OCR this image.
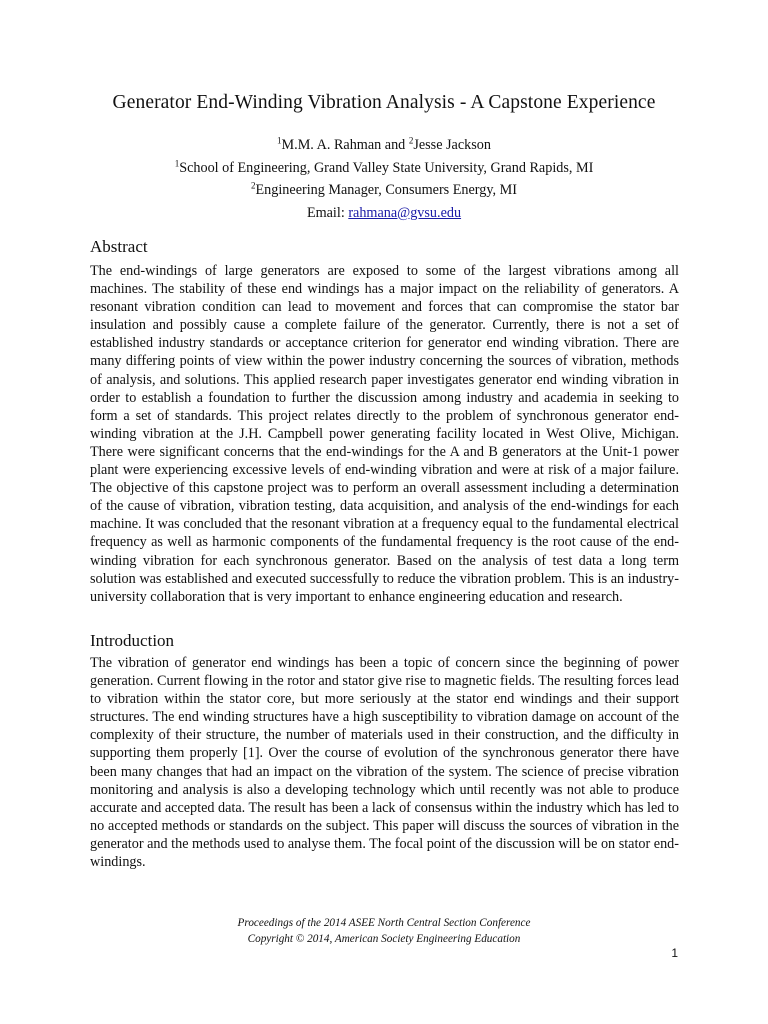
Generator End-Winding Vibration Analysis - A Capstone Experience
$^1$M.M. A. Rahman and $^2$Jesse Jackson
$^1$School of Engineering, Grand Valley State University, Grand Rapids, MI
$^2$Engineering Manager, Consumers Energy, MI
Email: rahmana@gvsu.edu
Abstract

The end-windings of large generators are exposed to some of the largest vibrations among all machines. The stability of these end windings has a major impact on the reliability of generators. A resonant vibration condition can lead to movement and forces that can compromise the stator bar insulation and possibly cause a complete failure of the generator. Currently, there is not a set of established industry standards or acceptance criterion for generator end winding vibration. There are many differing points of view within the power industry concerning the sources of vibration, methods of analysis, and solutions. This applied research paper investigates generator end winding vibration in order to establish a foundation to further the discussion among industry and academia in seeking to form a set of standards. This project relates directly to the problem of synchronous generator end-winding vibration at the J.H. Campbell power generating facility located in West Olive, Michigan. There were significant concerns that the end-windings for the A and B generators at the Unit-1 power plant were experiencing excessive levels of end-winding vibration and were at risk of a major failure. The objective of this capstone project was to perform an overall assessment including a determination of the cause of vibration, vibration testing, data acquisition, and analysis of the end-windings for each machine. It was concluded that the resonant vibration at a frequency equal to the fundamental electrical frequency as well as harmonic components of the fundamental frequency is the root cause of the end-winding vibration for each synchronous generator. Based on the analysis of test data a long term solution was established and executed successfully to reduce the vibration problem. This is an industry-university collaboration that is very important to enhance engineering education and research.

Introduction

The vibration of generator end windings has been a topic of concern since the beginning of power generation. Current flowing in the rotor and stator give rise to magnetic fields. The resulting forces lead to vibration within the stator core, but more seriously at the stator end windings and their support structures. The end winding structures have a high susceptibility to vibration damage on account of the complexity of their structure, the number of materials used in their construction, and the difficulty in supporting them properly [1]. Over the course of evolution of the synchronous generator there have been many changes that had an impact on the vibration of the system. The science of precise vibration monitoring and analysis is also a developing technology which until recently was not able to produce accurate and accepted data. The result has been a lack of consensus within the industry which has led to no accepted methods or standards on the subject. This paper will discuss the sources of vibration in the generator and the methods used to analyse them. The focal point of the discussion will be on stator end-windings.

Proceedings of the 2014 ASEE North Central Section Conference
Copyright © 2014, American Society Engineering Education
1
